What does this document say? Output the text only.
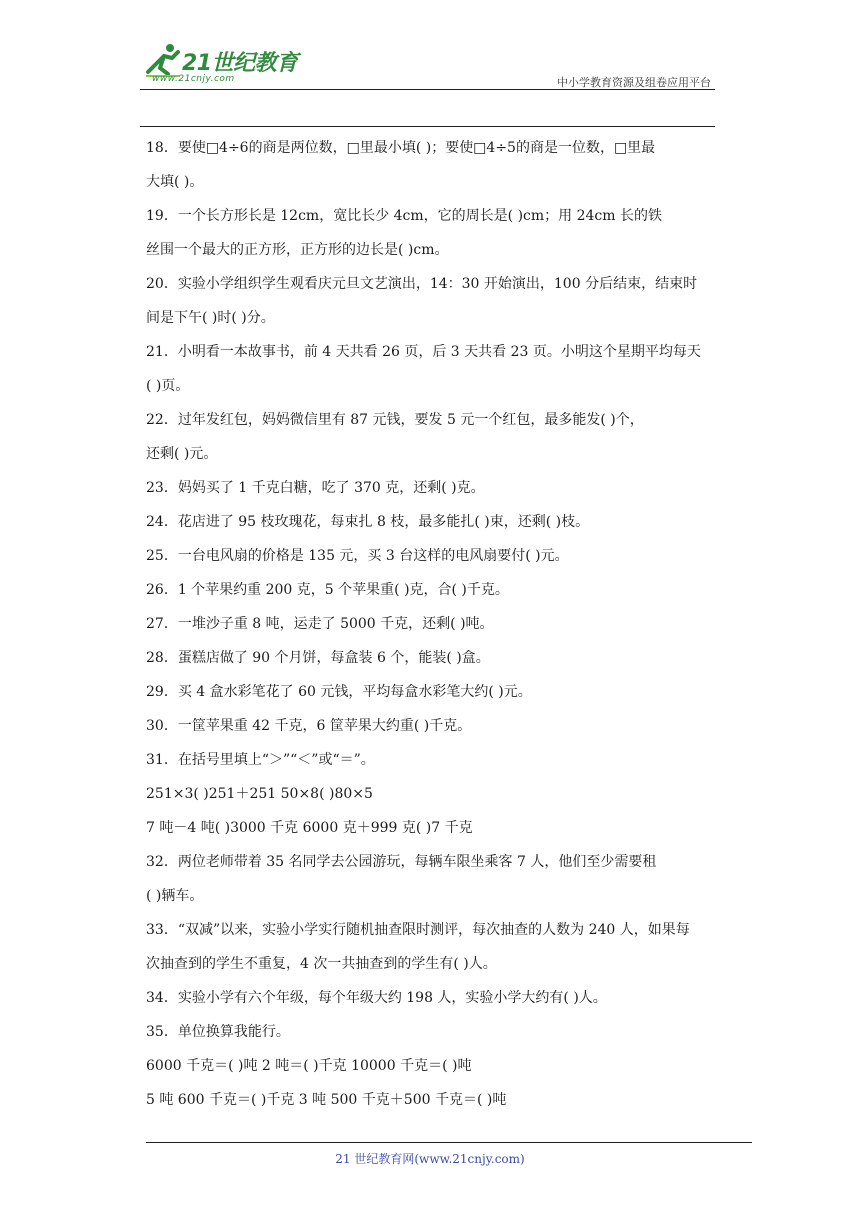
21世纪教育
www.21cnjy.com	中小学教育资源及组卷应用平台
18．要使□4÷6的商是两位数，□里最小填( )；要使□4÷5的商是一位数，□里最
大填( )。
19．一个长方形长是 12cm，宽比长少 4cm，它的周长是( )cm；用 24cm 长的铁
丝围一个最大的正方形，正方形的边长是( )cm。
20．实验小学组织学生观看庆元旦文艺演出，14：30 开始演出，100 分后结束，结束时
间是下午( )时( )分。
21．小明看一本故事书，前 4 天共看 26 页，后 3 天共看 23 页。小明这个星期平均每天
( )页。
22．过年发红包，妈妈微信里有 87 元钱，要发 5 元一个红包，最多能发( )个，
还剩( )元。
23．妈妈买了 1 千克白糖，吃了 370 克，还剩( )克。
24．花店进了 95 枝玫瑰花，每束扎 8 枝，最多能扎( )束，还剩( )枝。
25．一台电风扇的价格是 135 元，买 3 台这样的电风扇要付( )元。
26．1 个苹果约重 200 克，5 个苹果重( )克，合( )千克。
27．一堆沙子重 8 吨，运走了 5000 千克，还剩( )吨。
28．蛋糕店做了 90 个月饼，每盒装 6 个，能装( )盒。
29．买 4 盒水彩笔花了 60 元钱，平均每盒水彩笔大约( )元。
30．一筐苹果重 42 千克，6 筐苹果大约重( )千克。
31．在括号里填上“＞”“＜”或“＝”。
251×3( )251＋251 50×8( )80×5
7 吨－4 吨( )3000 千克 6000 克＋999 克( )7 千克
32．两位老师带着 35 名同学去公园游玩，每辆车限坐乘客 7 人，他们至少需要租
( )辆车。
33．“双减”以来，实验小学实行随机抽查限时测评，每次抽查的人数为 240 人，如果每
次抽查到的学生不重复，4 次一共抽查到的学生有( )人。
34．实验小学有六个年级，每个年级大约 198 人，实验小学大约有( )人。
35．单位换算我能行。
6000 千克＝( )吨 2 吨＝( )千克 10000 千克＝( )吨
5 吨 600 千克＝( )千克 3 吨 500 千克＋500 千克＝( )吨
21 世纪教育网(www.21cnjy.com)
